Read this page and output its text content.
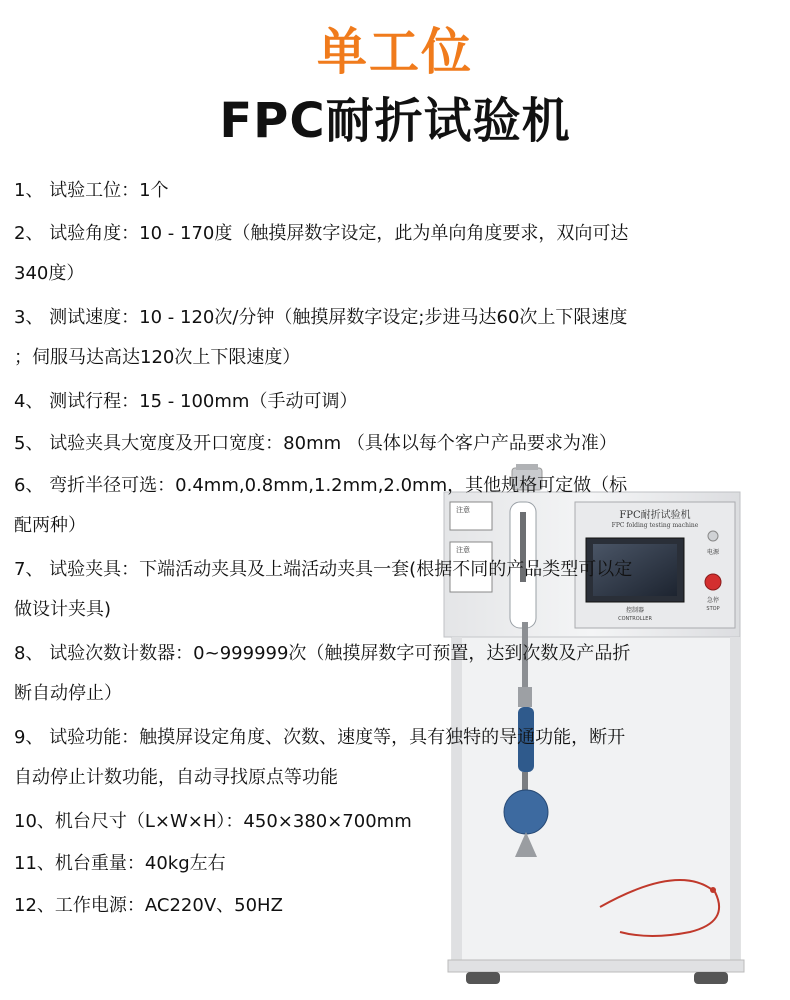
单工位
FPC耐折试验机
注意
注意
FPC耐折试验机
FPC folding testing machine
控制器
CONTROLLER
电源
急停
STOP
1、 试验工位：1个
2、 试验角度：10 - 170度（触摸屏数字设定，此为单向角度要求，双向可达
340度）
3、 测试速度：10 - 120次/分钟（触摸屏数字设定;步进马达60次上下限速度
；伺服马达高达120次上下限速度）
4、 测试行程：15 - 100mm（手动可调）
5、 试验夹具大宽度及开口宽度：80mm （具体以每个客户产品要求为准）
6、 弯折半径可选：0.4mm,0.8mm,1.2mm,2.0mm，其他规格可定做（标
配两种）
7、 试验夹具：下端活动夹具及上端活动夹具一套(根据不同的产品类型可以定
做设计夹具)
8、 试验次数计数器：0~999999次（触摸屏数字可预置，达到次数及产品折
断自动停止）
9、 试验功能：触摸屏设定角度、次数、速度等，具有独特的导通功能，断开
自动停止计数功能，自动寻找原点等功能
10、机台尺寸（L×W×H）：450×380×700mm
11、机台重量：40kg左右
12、工作电源：AC220V、50HZ
